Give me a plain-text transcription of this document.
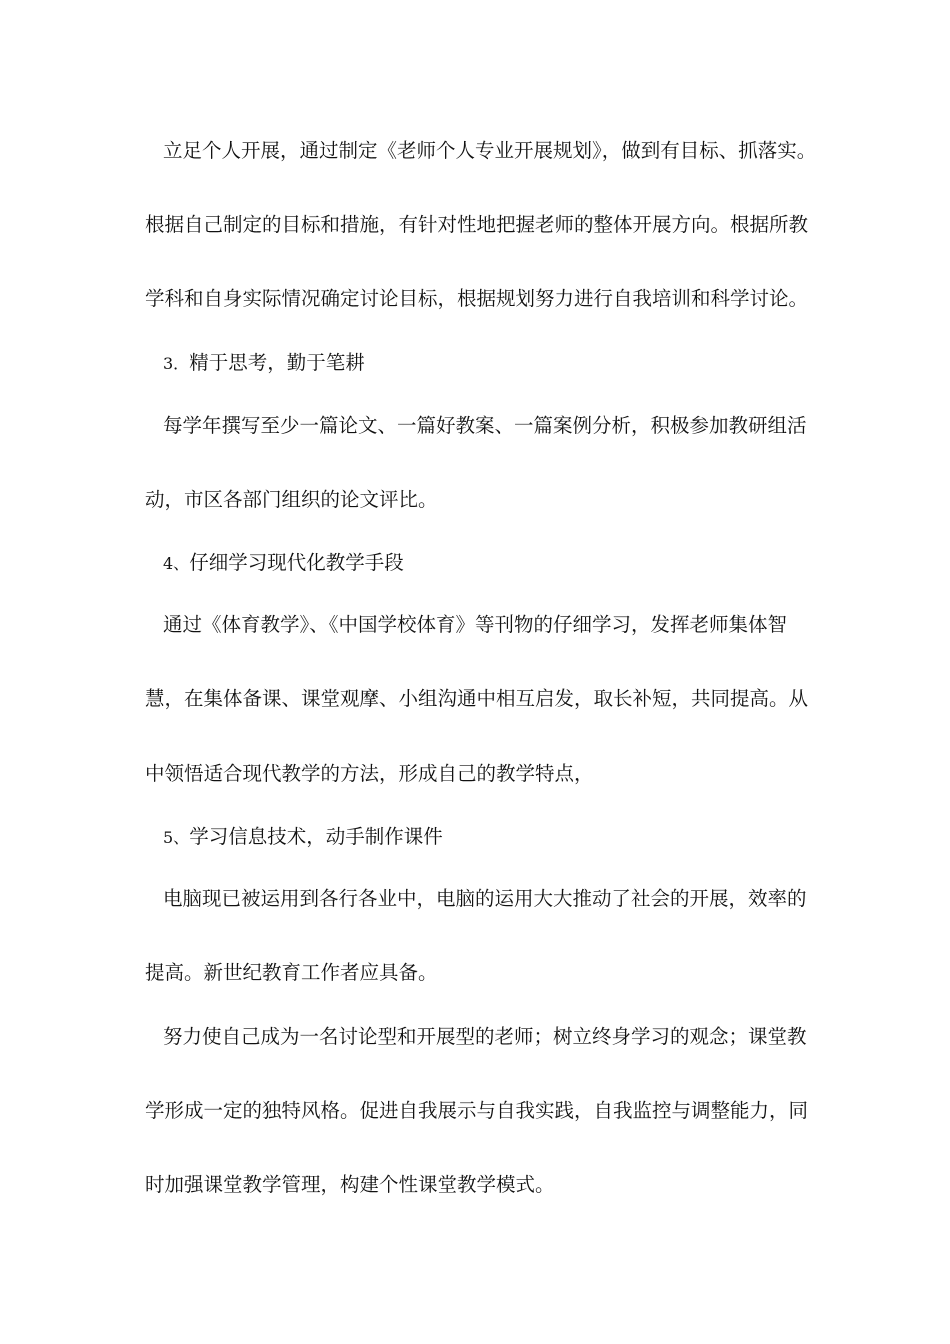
立足个人开展，通过制定《老师个人专业开展规划》，做到有目标、抓落实。
根据自己制定的目标和措施，有针对性地把握老师的整体开展方向。根据所教
学科和自身实际情况确定讨论目标，根据规划努力进行自我培训和科学讨论。
3．精于思考，勤于笔耕
每学年撰写至少一篇论文、一篇好教案、一篇案例分析，积极参加教研组活
动，市区各部门组织的论文评比。
4、仔细学习现代化教学手段
通过《体育教学》、《中国学校体育》等刊物的仔细学习，发挥老师集体智
慧，在集体备课、课堂观摩、小组沟通中相互启发，取长补短，共同提高。从
中领悟适合现代教学的方法，形成自己的教学特点，
5、学习信息技术，动手制作课件
电脑现已被运用到各行各业中，电脑的运用大大推动了社会的开展，效率的
提高。新世纪教育工作者应具备。
努力使自己成为一名讨论型和开展型的老师；树立终身学习的观念；课堂教
学形成一定的独特风格。促进自我展示与自我实践，自我监控与调整能力，同
时加强课堂教学管理，构建个性课堂教学模式。
